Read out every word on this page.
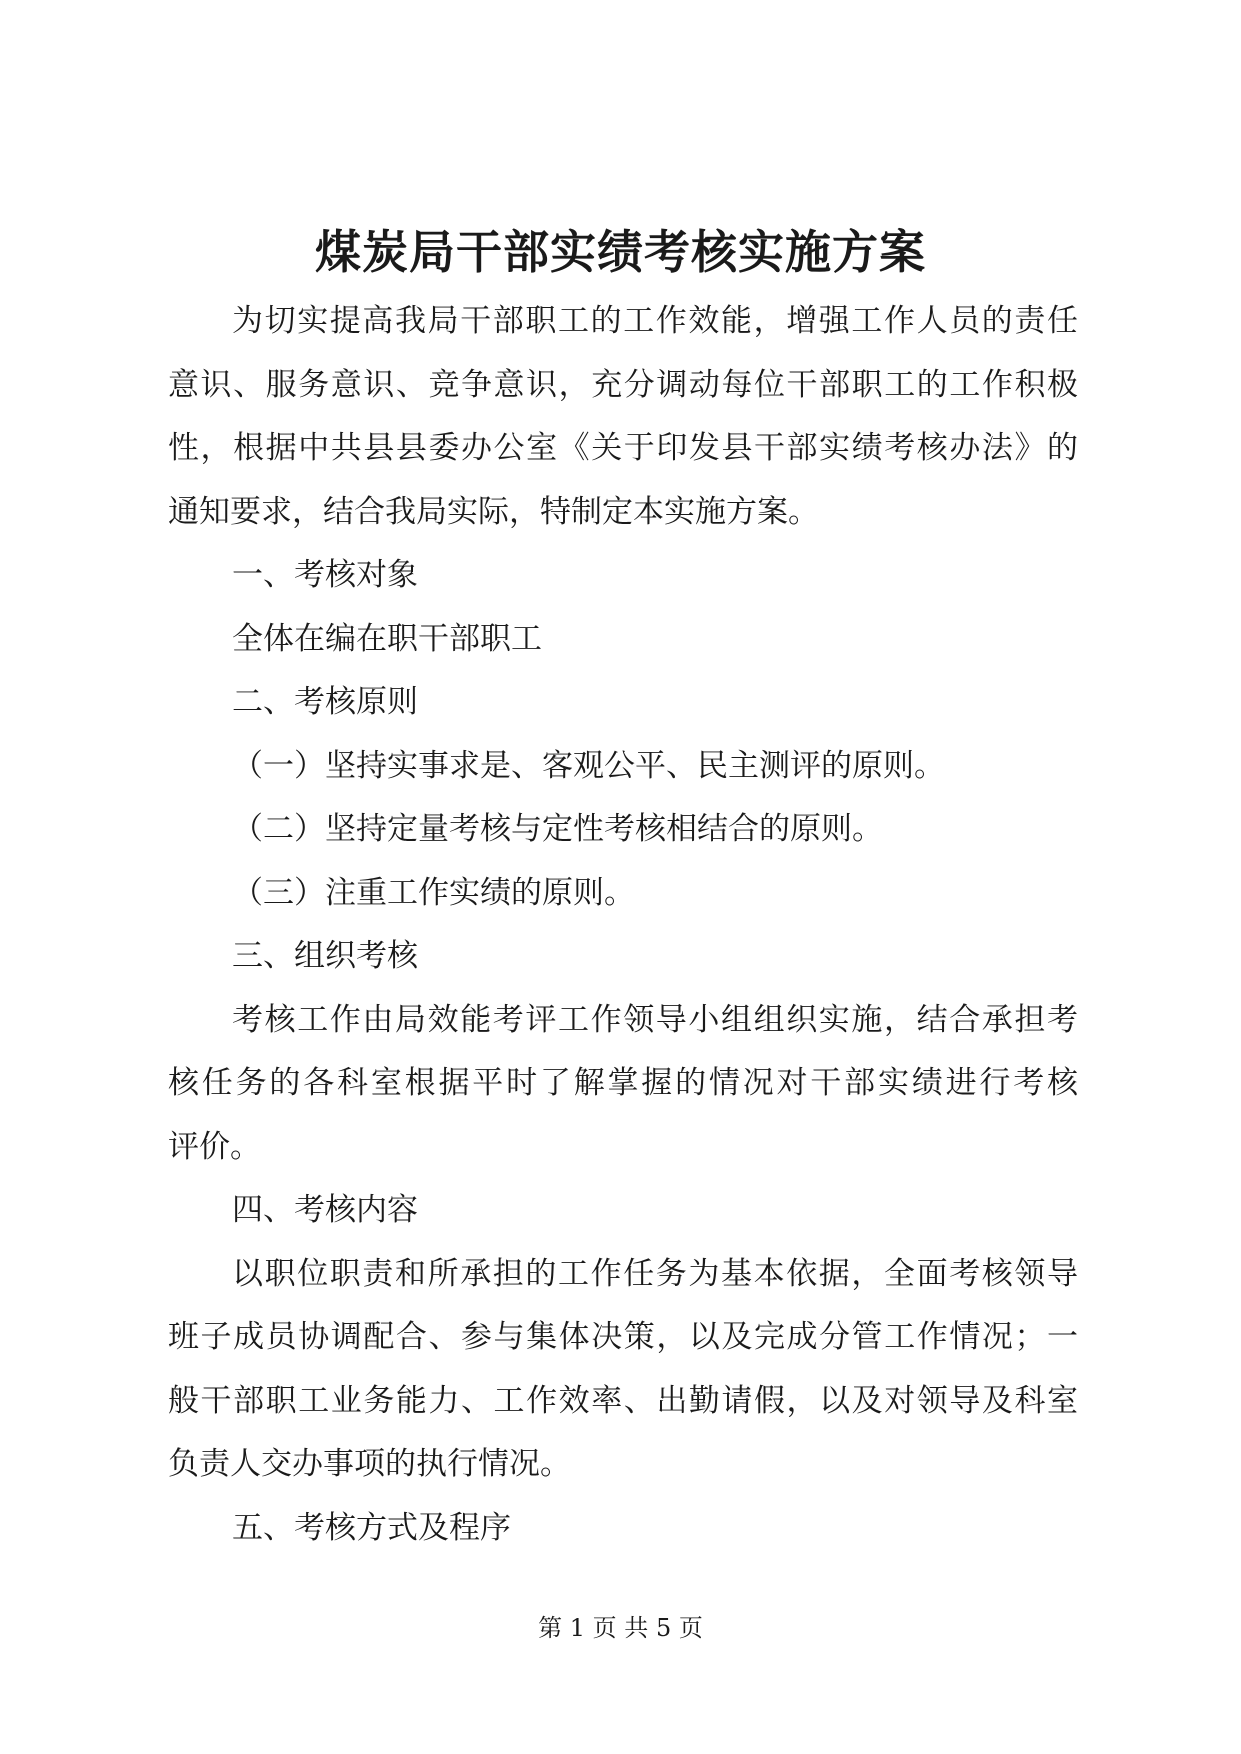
煤炭局干部实绩考核实施方案
为切实提高我局干部职工的工作效能，增强工作人员的责任
意识、服务意识、竞争意识，充分调动每位干部职工的工作积极
性，根据中共县县委办公室《关于印发县干部实绩考核办法》的
通知要求，结合我局实际，特制定本实施方案。
一、考核对象
全体在编在职干部职工
二、考核原则
（一）坚持实事求是、客观公平、民主测评的原则。
（二）坚持定量考核与定性考核相结合的原则。
（三）注重工作实绩的原则。
三、组织考核
考核工作由局效能考评工作领导小组组织实施，结合承担考
核任务的各科室根据平时了解掌握的情况对干部实绩进行考核
评价。
四、考核内容
以职位职责和所承担的工作任务为基本依据，全面考核领导
班子成员协调配合、参与集体决策，以及完成分管工作情况；一
般干部职工业务能力、工作效率、出勤请假，以及对领导及科室
负责人交办事项的执行情况。
五、考核方式及程序
第 1 页 共 5 页
